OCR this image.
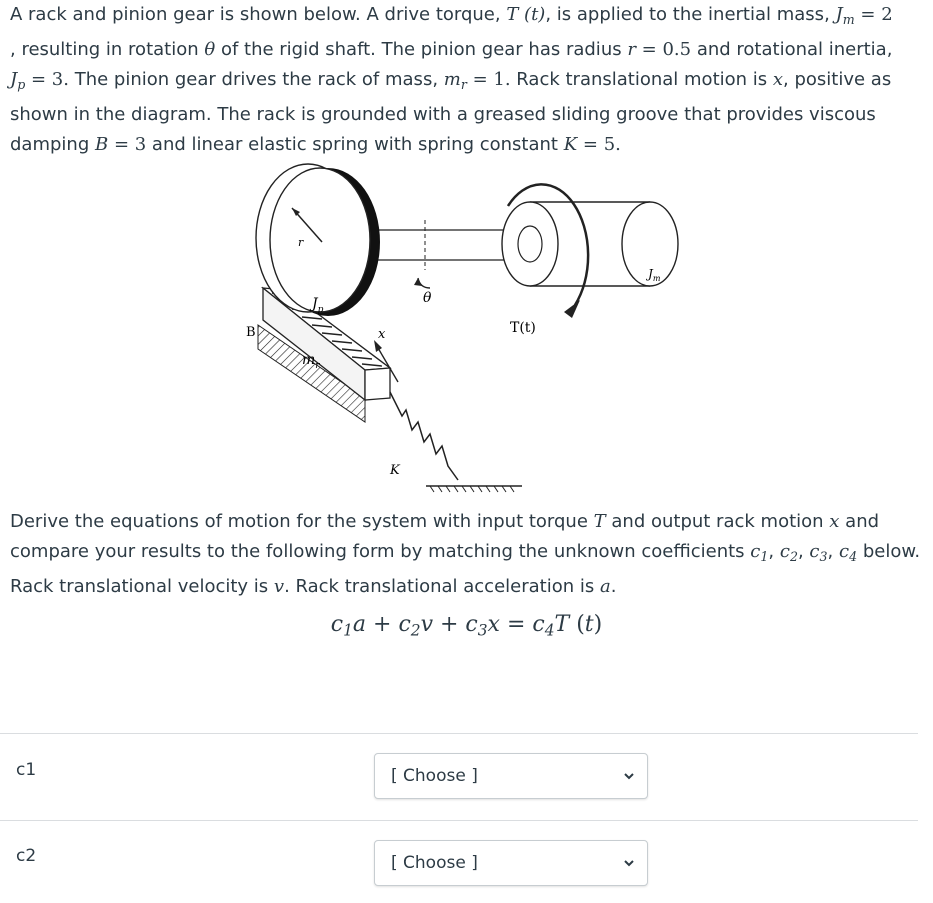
A rack and pinion gear is shown below. A drive torque, T (t), is applied to the inertial mass, $J_m = 2$
, resulting in rotation θ of the rigid shaft. The pinion gear has radius r = 0.5 and rotational inertia,
$J_p = 3$. The pinion gear drives the rack of mass, $m_r = 1$. Rack translational motion is x, positive as
shown in the diagram. The rack is grounded with a greased sliding groove that provides viscous
damping B = 3 and linear elastic spring with spring constant K = 5.
r
$J_p$
θ
$J_m$
B	x
$m_r$
T(t)
K
Derive the equations of motion for the system with input torque T and output rack motion x and
compare your results to the following form by matching the unknown coefficients $c_1$, $c_2$, $c_3$, $c_4$ below.
Rack translational velocity is v. Rack translational acceleration is a.
$c_1a + c_2v + c_3x = c_4T$ (t)
c1	[ Choose ]
c2	[ Choose ]
